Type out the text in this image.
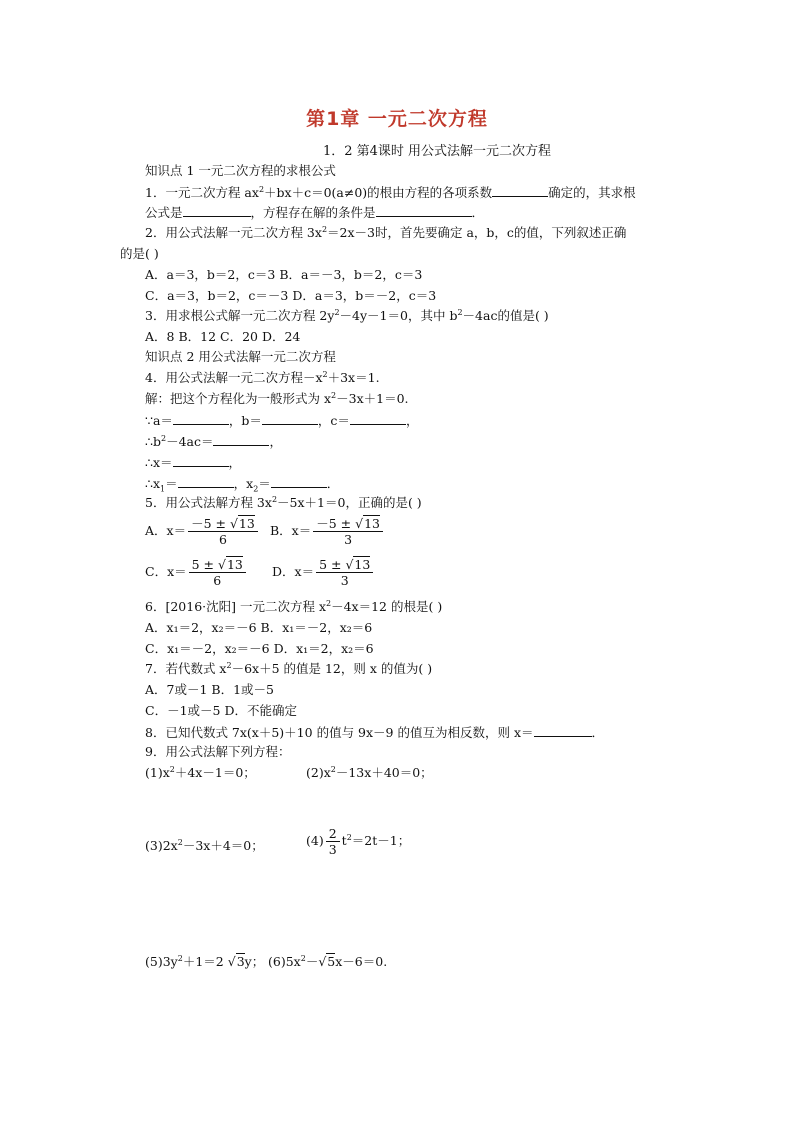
第1章 一元二次方程
1．2 第4课时 用公式法解一元二次方程
知识点 1 一元二次方程的求根公式
1．一元二次方程 $ax^2+bx+c=0(a\ne 0)$的根由方程的各项系数	确定的，其求根
公式是	，方程存在解的条件是	．
2．用公式法解一元二次方程 $3x^2=2x-3$时，首先要确定 a，b，c的值，下列叙述正确
的是( )
A．a＝3，b＝2，c＝3 B．a＝－3，b＝2，c＝3
C．a＝3，b＝2，c＝－3 D．a＝3，b＝－2，c＝3
3．用求根公式解一元二次方程 $2y^2-4y-1=0$，其中 $b^2-4ac$的值是( )
A．8 B．12 C．20 D．24
知识点 2 用公式法解一元二次方程
4．用公式法解一元二次方程$-x^2+3x=1$.
解：把这个方程化为一般形式为 $x^2-3x+1=0$.
∵a＝	，b＝	，c＝	，
$\therefore b^2-4ac=$	，
∴x＝	，
$\therefore x_1=$	，$x_2=$	．
5．用公式法解方程 $3x^2-5x+1=0$，正确的是( )
A．$x= \frac{-5 \pm √13}{6}$ B．$x= \frac{-5 \pm √13}{3}$
C．$x= \frac{5 \pm √13}{6}$ D．$x= \frac{5 \pm √13}{3}$
6．[2016·沈阳] 一元二次方程 $x^2-4x=12$ 的根是( )
A．x₁＝2，x₂＝－6 B．x₁＝－2，x₂＝6
C．x₁＝－2，x₂＝－6 D．x₁＝2，x₂＝6
7．若代数式 $x^2-6x+5$ 的值是 12，则 x 的值为( )
A．7或－1 B．1或－5
C．－1或－5 D．不能确定
8．已知代数式 7x(x＋5)＋10 的值与 9x－9 的值互为相反数，则 x＝	．
9．用公式法解下列方程：
$(1)x^2+4x-1=0$；	$(2)x^2-13x+40=0$；
$(3)2x^2-3x+4=0$；	$(4) \frac{2}{3} t^2=2t-1$；
$(5)3y^2+1=2$ √3y； $(6)5x^2-√5x-6=0$.
